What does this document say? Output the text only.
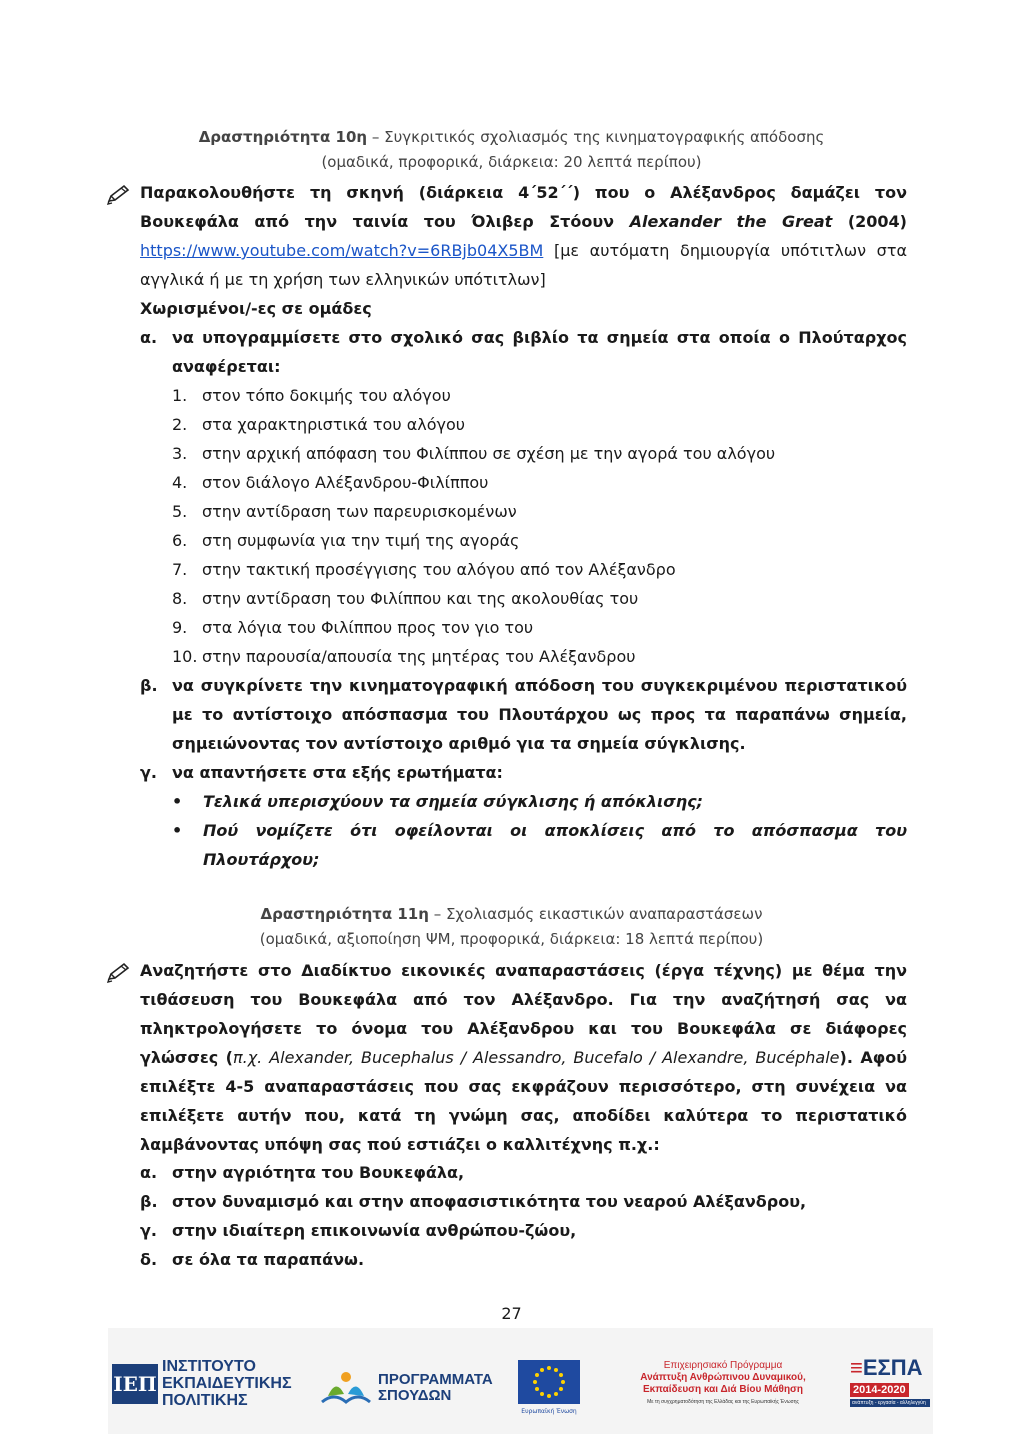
Δραστηριότητα 10η – Συγκριτικός σχολιασμός της κινηματογραφικής απόδοσης
(ομαδικά, προφορικά, διάρκεια: 20 λεπτά περίπου)
Παρακολουθήστε τη σκηνή (διάρκεια 4΄52΄΄) που ο Αλέξανδρος δαμάζει τον
Βουκεφάλα από την ταινία του Όλιβερ Στόουν Alexander the Great (2004)
https://www.youtube.com/watch?v=6RBjb04X5BM [με αυτόματη δημιουργία υπότιτλων στα αγγλικά ή με τη χρήση των ελληνικών υπότιτλων]
Χωρισμένοι/-ες σε ομάδες
α. να υπογραμμίσετε στο σχολικό σας βιβλίο τα σημεία στα οποία ο Πλούταρχος αναφέρεται:
1. στον τόπο δοκιμής του αλόγου
2. στα χαρακτηριστικά του αλόγου
3. στην αρχική απόφαση του Φιλίππου σε σχέση με την αγορά του αλόγου
4. στον διάλογο Αλέξανδρου-Φιλίππου
5. στην αντίδραση των παρευρισκομένων
6. στη συμφωνία για την τιμή της αγοράς
7. στην τακτική προσέγγισης του αλόγου από τον Αλέξανδρο
8. στην αντίδραση του Φιλίππου και της ακολουθίας του
9. στα λόγια του Φιλίππου προς τον γιο του
10. στην παρουσία/απουσία της μητέρας του Αλέξανδρου
β. να συγκρίνετε την κινηματογραφική απόδοση του συγκεκριμένου περιστατικού με το αντίστοιχο απόσπασμα του Πλουτάρχου ως προς τα παραπάνω σημεία, σημειώνοντας τον αντίστοιχο αριθμό για τα σημεία σύγκλισης.
γ. να απαντήσετε στα εξής ερωτήματα:
• Τελικά υπερισχύουν τα σημεία σύγκλισης ή απόκλισης;
• Πού νομίζετε ότι οφείλονται οι αποκλίσεις από το απόσπασμα του Πλουτάρχου;
Δραστηριότητα 11η – Σχολιασμός εικαστικών αναπαραστάσεων
(ομαδικά, αξιοποίηση ΨΜ, προφορικά, διάρκεια: 18 λεπτά περίπου)
Αναζητήστε στο Διαδίκτυο εικονικές αναπαραστάσεις (έργα τέχνης) με θέμα την τιθάσευση του Βουκεφάλα από τον Αλέξανδρο. Για την αναζήτησή σας να πληκτρολογήσετε το όνομα του Αλέξανδρου και του Βουκεφάλα σε διάφορες γλώσσες (π.χ. Alexander, Bucephalus / Alessandro, Bucefalo / Alexandre, Bucéphale). Αφού επιλέξτε 4-5 αναπαραστάσεις που σας εκφράζουν περισσότερο, στη συνέχεια να επιλέξετε αυτήν που, κατά τη γνώμη σας, αποδίδει καλύτερα το περιστατικό λαμβάνοντας υπόψη σας πού εστιάζει ο καλλιτέχνης π.χ.:
α. στην αγριότητα του Βουκεφάλα,
β. στον δυναμισμό και στην αποφασιστικότητα του νεαρού Αλέξανδρου,
γ. στην ιδιαίτερη επικοινωνία ανθρώπου-ζώου,
δ. σε όλα τα παραπάνω.
27
ΙΕΠ
ΙΝΣΤΙΤΟΥΤΟ
ΕΚΠΑΙΔΕΥΤΙΚΗΣ
ΠΟΛΙΤΙΚΗΣ
ΠΡΟΓΡΑΜΜΑΤΑ
ΣΠΟΥΔΩΝ
Ευρωπαϊκή Ένωση
Επιχειρησιακό Πρόγραμμα
Ανάπτυξη Ανθρώπινου Δυναμικού,
Εκπαίδευση και Διά Βίου Μάθηση
Με τη συγχρηματοδότηση της Ελλάδας και της Ευρωπαϊκής Ένωσης
≡ΕΣΠΑ
2014-2020
ανάπτυξη - εργασία - αλληλεγγύη
